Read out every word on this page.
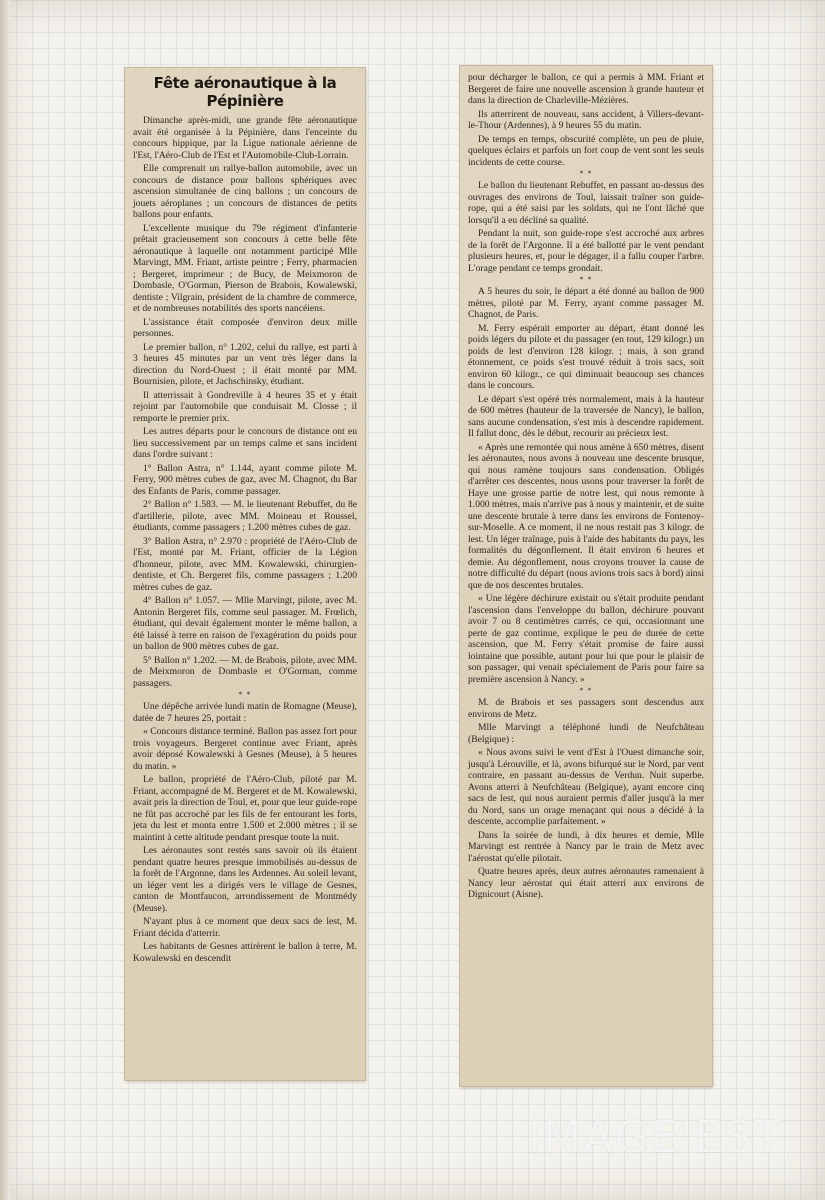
Fête aéronautique à la Pépinière

Dimanche après-midi, une grande fête aéronautique avait été organisée à la Pépinière, dans l'enceinte du concours hippique, par la Ligue nationale aérienne de l'Est, l'Aéro-Club de l'Est et l'Automobile-Club-Lorrain.

Elle comprenait un rallye-ballon automobile, avec un concours de distance pour ballons sphériques avec ascension simultanée de cinq ballons ; un concours de jouets aéroplanes ; un concours de distances de petits ballons pour enfants.

L'excellente musique du 79e régiment d'infanterie prêtait gracieusement son concours à cette belle fête aéronautique à laquelle ont notamment participé Mlle Marvingt, MM. Friant, artiste peintre ; Ferry, pharmacien ; Bergeret, imprimeur ; de Bucy, de Meixmoron de Dombasle, O'Gorman, Pierson de Brabois, Kowalewski, dentiste ; Vilgrain, président de la chambre de commerce, et de nombreuses notabilités des sports nancéiens.

L'assistance était composée d'environ deux mille personnes.

Le premier ballon, n° 1.202, celui du rallye, est parti à 3 heures 45 minutes par un vent très léger dans la direction du Nord-Ouest ; il était monté par MM. Bournisien, pilote, et Jachschinsky, étudiant.

Il atterrissait à Gondreville à 4 heures 35 et y était rejoint par l'automobile que conduisait M. Closse ; il remporte le premier prix.

Les autres départs pour le concours de distance ont eu lieu successivement par un temps calme et sans incident dans l'ordre suivant :

1° Ballon Astra, n° 1.144, ayant comme pilote M. Ferry, 900 mètres cubes de gaz, avec M. Chagnot, du Bar des Enfants de Paris, comme passager.

2° Ballon n° 1.583. — M. le lieutenant Rebuffet, du 8e d'artillerie, pilote, avec MM. Moineau et Roussel, étudiants, comme passagers ; 1.200 mètres cubes de gaz.

3° Ballon Astra, n° 2.970 : propriété de l'Aéro-Club de l'Est, monté par M. Friant, officier de la Légion d'honneur, pilote, avec MM. Kowalewski, chirurgien-dentiste, et Ch. Bergeret fils, comme passagers ; 1.200 mètres cubes de gaz.

4° Ballon n° 1.057. — Mlle Marvingt, pilote, avec M. Antonin Bergeret fils, comme seul passager. M. Frœlich, étudiant, qui devait également monter le même ballon, a été laissé à terre en raison de l'exagération du poids pour un ballon de 900 mètres cubes de gaz.

5° Ballon n° 1.202. — M. de Brabois, pilote, avec MM. de Meixmoron de Dombasle et O'Gorman, comme passagers.

* *

Une dépêche arrivée lundi matin de Romagne (Meuse), datée de 7 heures 25, portait :

« Concours distance terminé. Ballon pas assez fort pour trois voyageurs. Bergeret continue avec Friant, après avoir déposé Kowalewski à Gesnes (Meuse), à 5 heures du matin. »

Le ballon, propriété de l'Aéro-Club, piloté par M. Friant, accompagné de M. Bergeret et de M. Kowalewski, avait pris la direction de Toul, et, pour que leur guide-rope ne fût pas accroché par les fils de fer entourant les forts, jeta du lest et monta entre 1.500 et 2.000 mètres ; il se maintint à cette altitude pendant presque toute la nuit.

Les aéronautes sont restés sans savoir où ils étaient pendant quatre heures presque immobilisés au-dessus de la forêt de l'Argonne, dans les Ardennes. Au soleil levant, un léger vent les a dirigés vers le village de Gesnes, canton de Montfaucon, arrondissement de Montmédy (Meuse).

N'ayant plus à ce moment que deux sacs de lest, M. Friant décida d'atterrir.

Les habitants de Gesnes attirèrent le ballon à terre, M. Kowalewski en descendit

pour décharger le ballon, ce qui a permis à MM. Friant et Bergeret de faire une nouvelle ascension à grande hauteur et dans la direction de Charleville-Mézières.

Ils atterrirent de nouveau, sans accident, à Villers-devant-le-Thour (Ardennes), à 9 heures 55 du matin.

De temps en temps, obscurité complète, un peu de pluie, quelques éclairs et parfois un fort coup de vent sont les seuls incidents de cette course.

* *

Le ballon du lieutenant Rebuffet, en passant au-dessus des ouvrages des environs de Toul, laissait traîner son guide-rope, qui a été saisi par les soldats, qui ne l'ont lâché que lorsqu'il a eu décliné sa qualité.

Pendant la nuit, son guide-rope s'est accroché aux arbres de la forêt de l'Argonne. Il a été ballotté par le vent pendant plusieurs heures, et, pour le dégager, il a fallu couper l'arbre. L'orage pendant ce temps grondait.

* *

A 5 heures du soir, le départ a été donné au ballon de 900 mètres, piloté par M. Ferry, ayant comme passager M. Chagnot, de Paris.

M. Ferry espérait emporter au départ, étant donné les poids légers du pilote et du passager (en tout, 129 kilogr.) un poids de lest d'environ 128 kilogr. ; mais, à son grand étonnement, ce poids s'est trouvé réduit à trois sacs, soit environ 60 kilogr., ce qui diminuait beaucoup ses chances dans le concours.

Le départ s'est opéré très normalement, mais à la hauteur de 600 mètres (hauteur de la traversée de Nancy), le ballon, sans aucune condensation, s'est mis à descendre rapidement. Il fallut donc, dès le début, recourir au précieux lest.

« Après une remontée qui nous amène à 650 mètres, disent les aéronautes, nous avons à nouveau une descente brusque, qui nous ramène toujours sans condensation. Obligés d'arrêter ces descentes, nous usons pour traverser la forêt de Haye une grosse partie de notre lest, qui nous remonte à 1.000 mètres, mais n'arrive pas à nous y maintenir, et de suite une descente brutale à terre dans les environs de Fontenoy-sur-Moselle. A ce moment, il ne nous restait pas 3 kilogr. de lest. Un léger traînage, puis à l'aide des habitants du pays, les formalités du dégonflement. Il était environ 6 heures et demie. Au dégonflement, nous croyons trouver la cause de notre difficulté du départ (nous avions trois sacs à bord) ainsi que de nos descentes brutales.

« Une légère déchirure existait ou s'était produite pendant l'ascension dans l'enveloppe du ballon, déchirure pouvant avoir 7 ou 8 centimètres carrés, ce qui, occasionnant une perte de gaz continue, explique le peu de durée de cette ascension, que M. Ferry s'était promise de faire aussi lointaine que possible, autant pour lui que pour le plaisir de son passager, qui venait spécialement de Paris pour faire sa première ascension à Nancy. »

* *

M. de Brabois et ses passagers sont descendus aux environs de Metz.

Mlle Marvingt a téléphoné lundi de Neufchâteau (Belgique) :

« Nous avons suivi le vent d'Est à l'Ouest dimanche soir, jusqu'à Lérouville, et là, avons bifurqué sur le Nord, par vent contraire, en passant au-dessus de Verdun. Nuit superbe. Avons atterri à Neufchâteau (Belgique), ayant encore cinq sacs de lest, qui nous auraient permis d'aller jusqu'à la mer du Nord, sans un orage menaçant qui nous a décidé à la descente, accomplie parfaitement. »

Dans la soirée de lundi, à dix heures et demie, Mlle Marvingt est rentrée à Nancy par le train de Metz avec l'aérostat qu'elle pilotait.

Quatre heures après, deux autres aéronautes ramenaient à Nancy leur aérostat qui était atterri aux environs de Dignicourt (Aisne).

IMAGE'EST
